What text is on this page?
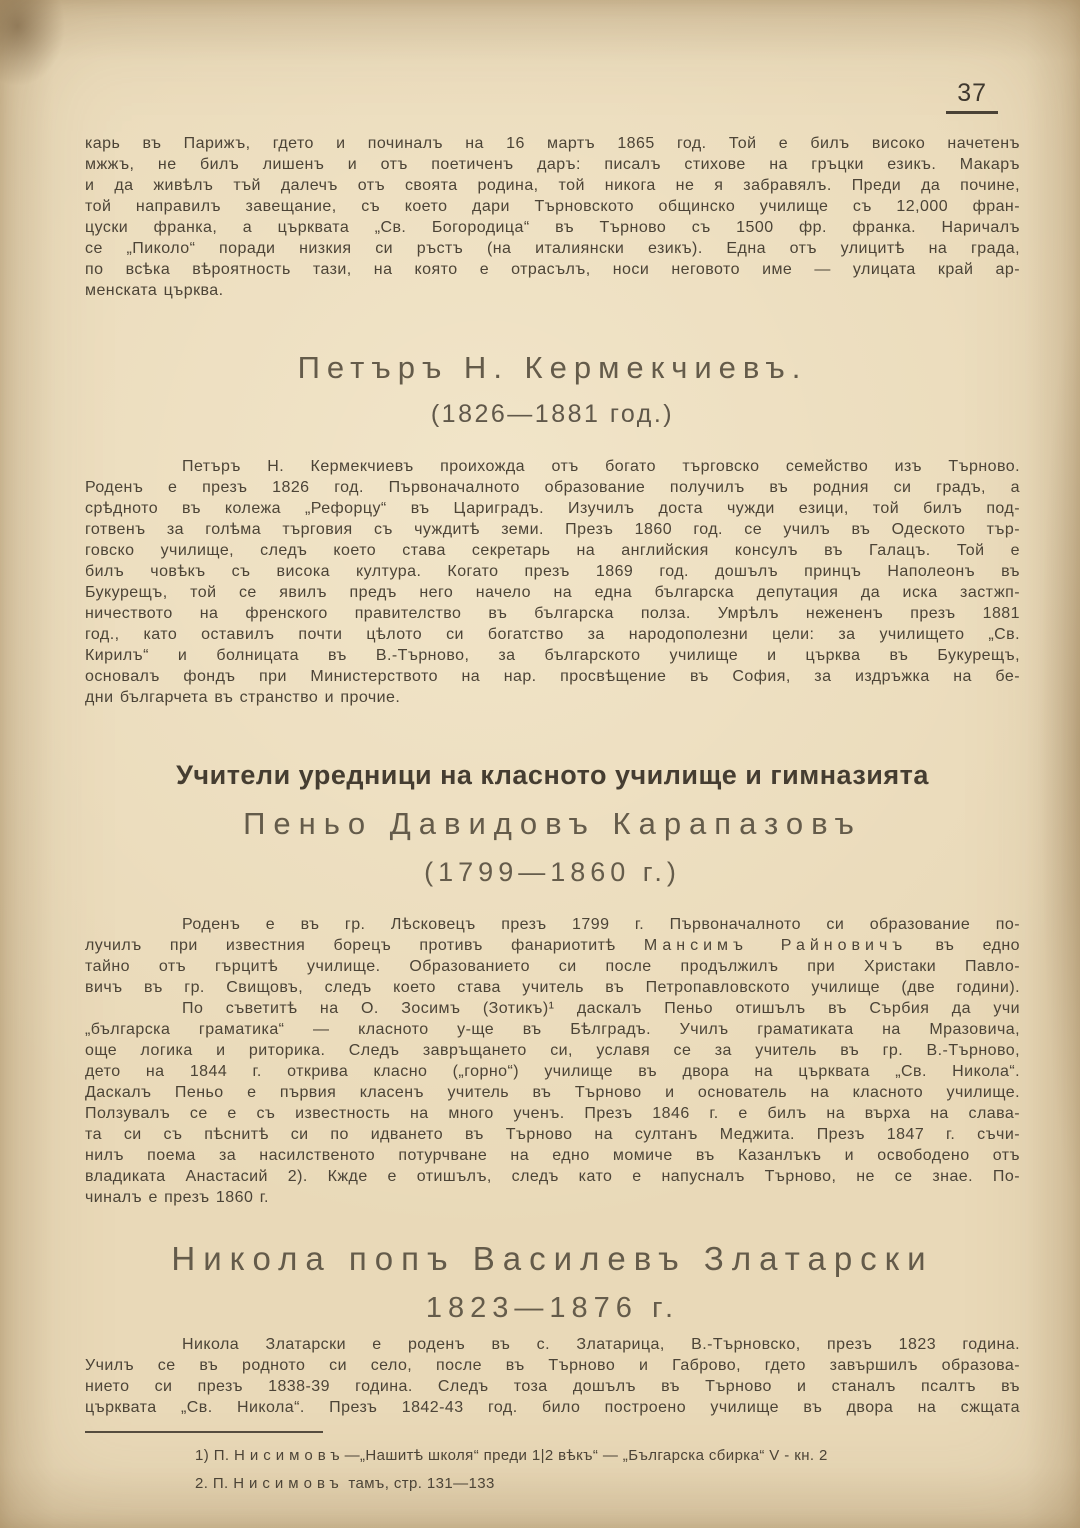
37
карь въ Парижъ, гдето и починалъ на 16 мартъ 1865 год. Той е билъ високо начетенъ
мжжъ, не билъ лишенъ и отъ поетиченъ даръ: писалъ стихове на гръцки езикъ. Макаръ
и да живѣлъ тъй далечъ отъ своята родина, той никога не я забравялъ. Преди да почине,
той направилъ завещание, съ което дари Търновското общинско училище съ 12,000 фран-
цуски франка, а църквата „Св. Богородица“ въ Търново съ 1500 фр. франка. Наричалъ
се „Пиколо“ поради низкия си ръстъ (на италиянски езикъ). Една отъ улицитѣ на града,
по всѣка вѣроятность тази, на която е отрасълъ, носи неговото име — улицата край ар-
менската църква.
Петъръ Н. Кермекчиевъ.
(1826—1881 год.)
Петъръ Н. Кермекчиевъ проихожда отъ богато търговско семейство изъ Търново.
Роденъ е презъ 1826 год. Първоначалното образование получилъ въ родния си градъ, а
срѣдното въ колежа „Рефорцу“ въ Цариградъ. Изучилъ доста чужди езици, той билъ под-
готвенъ за голѣма търговия съ чуждитѣ земи. Презъ 1860 год. се училъ въ Одеското тър-
говско училище, следъ което става секретарь на английския консулъ въ Галацъ. Той е
билъ човѣкъ съ висока култура. Когато презъ 1869 год. дошълъ принцъ Наполеонъ въ
Букурещъ, той се явилъ предъ него начело на една българска депутация да иска застжп-
ничеството на френского правителство въ българска полза. Умрѣлъ нежененъ презъ 1881
год., като оставилъ почти цѣлото си богатство за народополезни цели: за училището „Св.
Кирилъ“ и болницата въ В.-Търново, за българското училище и църква въ Букурещъ,
основалъ фондъ при Министерството на нар. просвѣщение въ София, за издръжка на бе-
дни българчета въ странство и прочие.
Учители уредници на класното училище и гимназията
Пеньо Давидовъ Карапазовъ
(1799—1860 г.)
Роденъ е въ гр. Лѣсковецъ презъ 1799 г. Първоначалното си образование по-
лучилъ при известния борецъ противъ фанариотитѣ Мансимъ Райновичъ въ едно
тайно отъ гърцитѣ училище. Образованието си после продължилъ при Христаки Павло-
вичъ въ гр. Свищовъ, следъ което става учитель въ Петропавловското училище (две години).
По съветитѣ на О. Зосимъ (Зотикъ)¹ даскалъ Пеньо отишълъ въ Сърбия да учи
„българска граматика“ — класното у-ще въ Бѣлградъ. Училъ граматиката на Мразовича,
още логика и риторика. Следъ завръщането си, уславя се за учитель въ гр. В.-Търново,
дето на 1844 г. открива класно („горно“) училище въ двора на църквата „Св. Никола“.
Даскалъ Пеньо е първия класенъ учитель въ Търново и основатель на класното училище.
Ползувалъ се е съ известность на много ученъ. Презъ 1846 г. е билъ на върха на слава-
та си съ пѣснитѣ си по идването въ Търново на султанъ Меджита. Презъ 1847 г. съчи-
нилъ поема за насилственото потурчване на едно момиче въ Казанлъкъ и освободено отъ
владиката Анастасий 2). Кжде е отишълъ, следъ като е напусналъ Търново, не се знае. По-
чиналъ е презъ 1860 г.
Никола попъ Василевъ Златарски
1823—1876 г.
Никола Златарски е роденъ въ с. Златарица, В.-Търновско, презъ 1823 година.
Училъ се въ родното си село, после въ Търново и Габрово, гдето завършилъ образова-
нието си презъ 1838-39 година. Следъ тоза дошълъ въ Търново и станалъ псалтъ въ
църквата „Св. Никола“. Презъ 1842-43 год. било построено училище въ двора на сжщата
1) П. Нисимовъ—„Нашитѣ школя“ преди 1|2 вѣкъ“ — „Българска сбирка“ V - кн. 2
2. П. Нисимовъ тамъ, стр. 131—133
